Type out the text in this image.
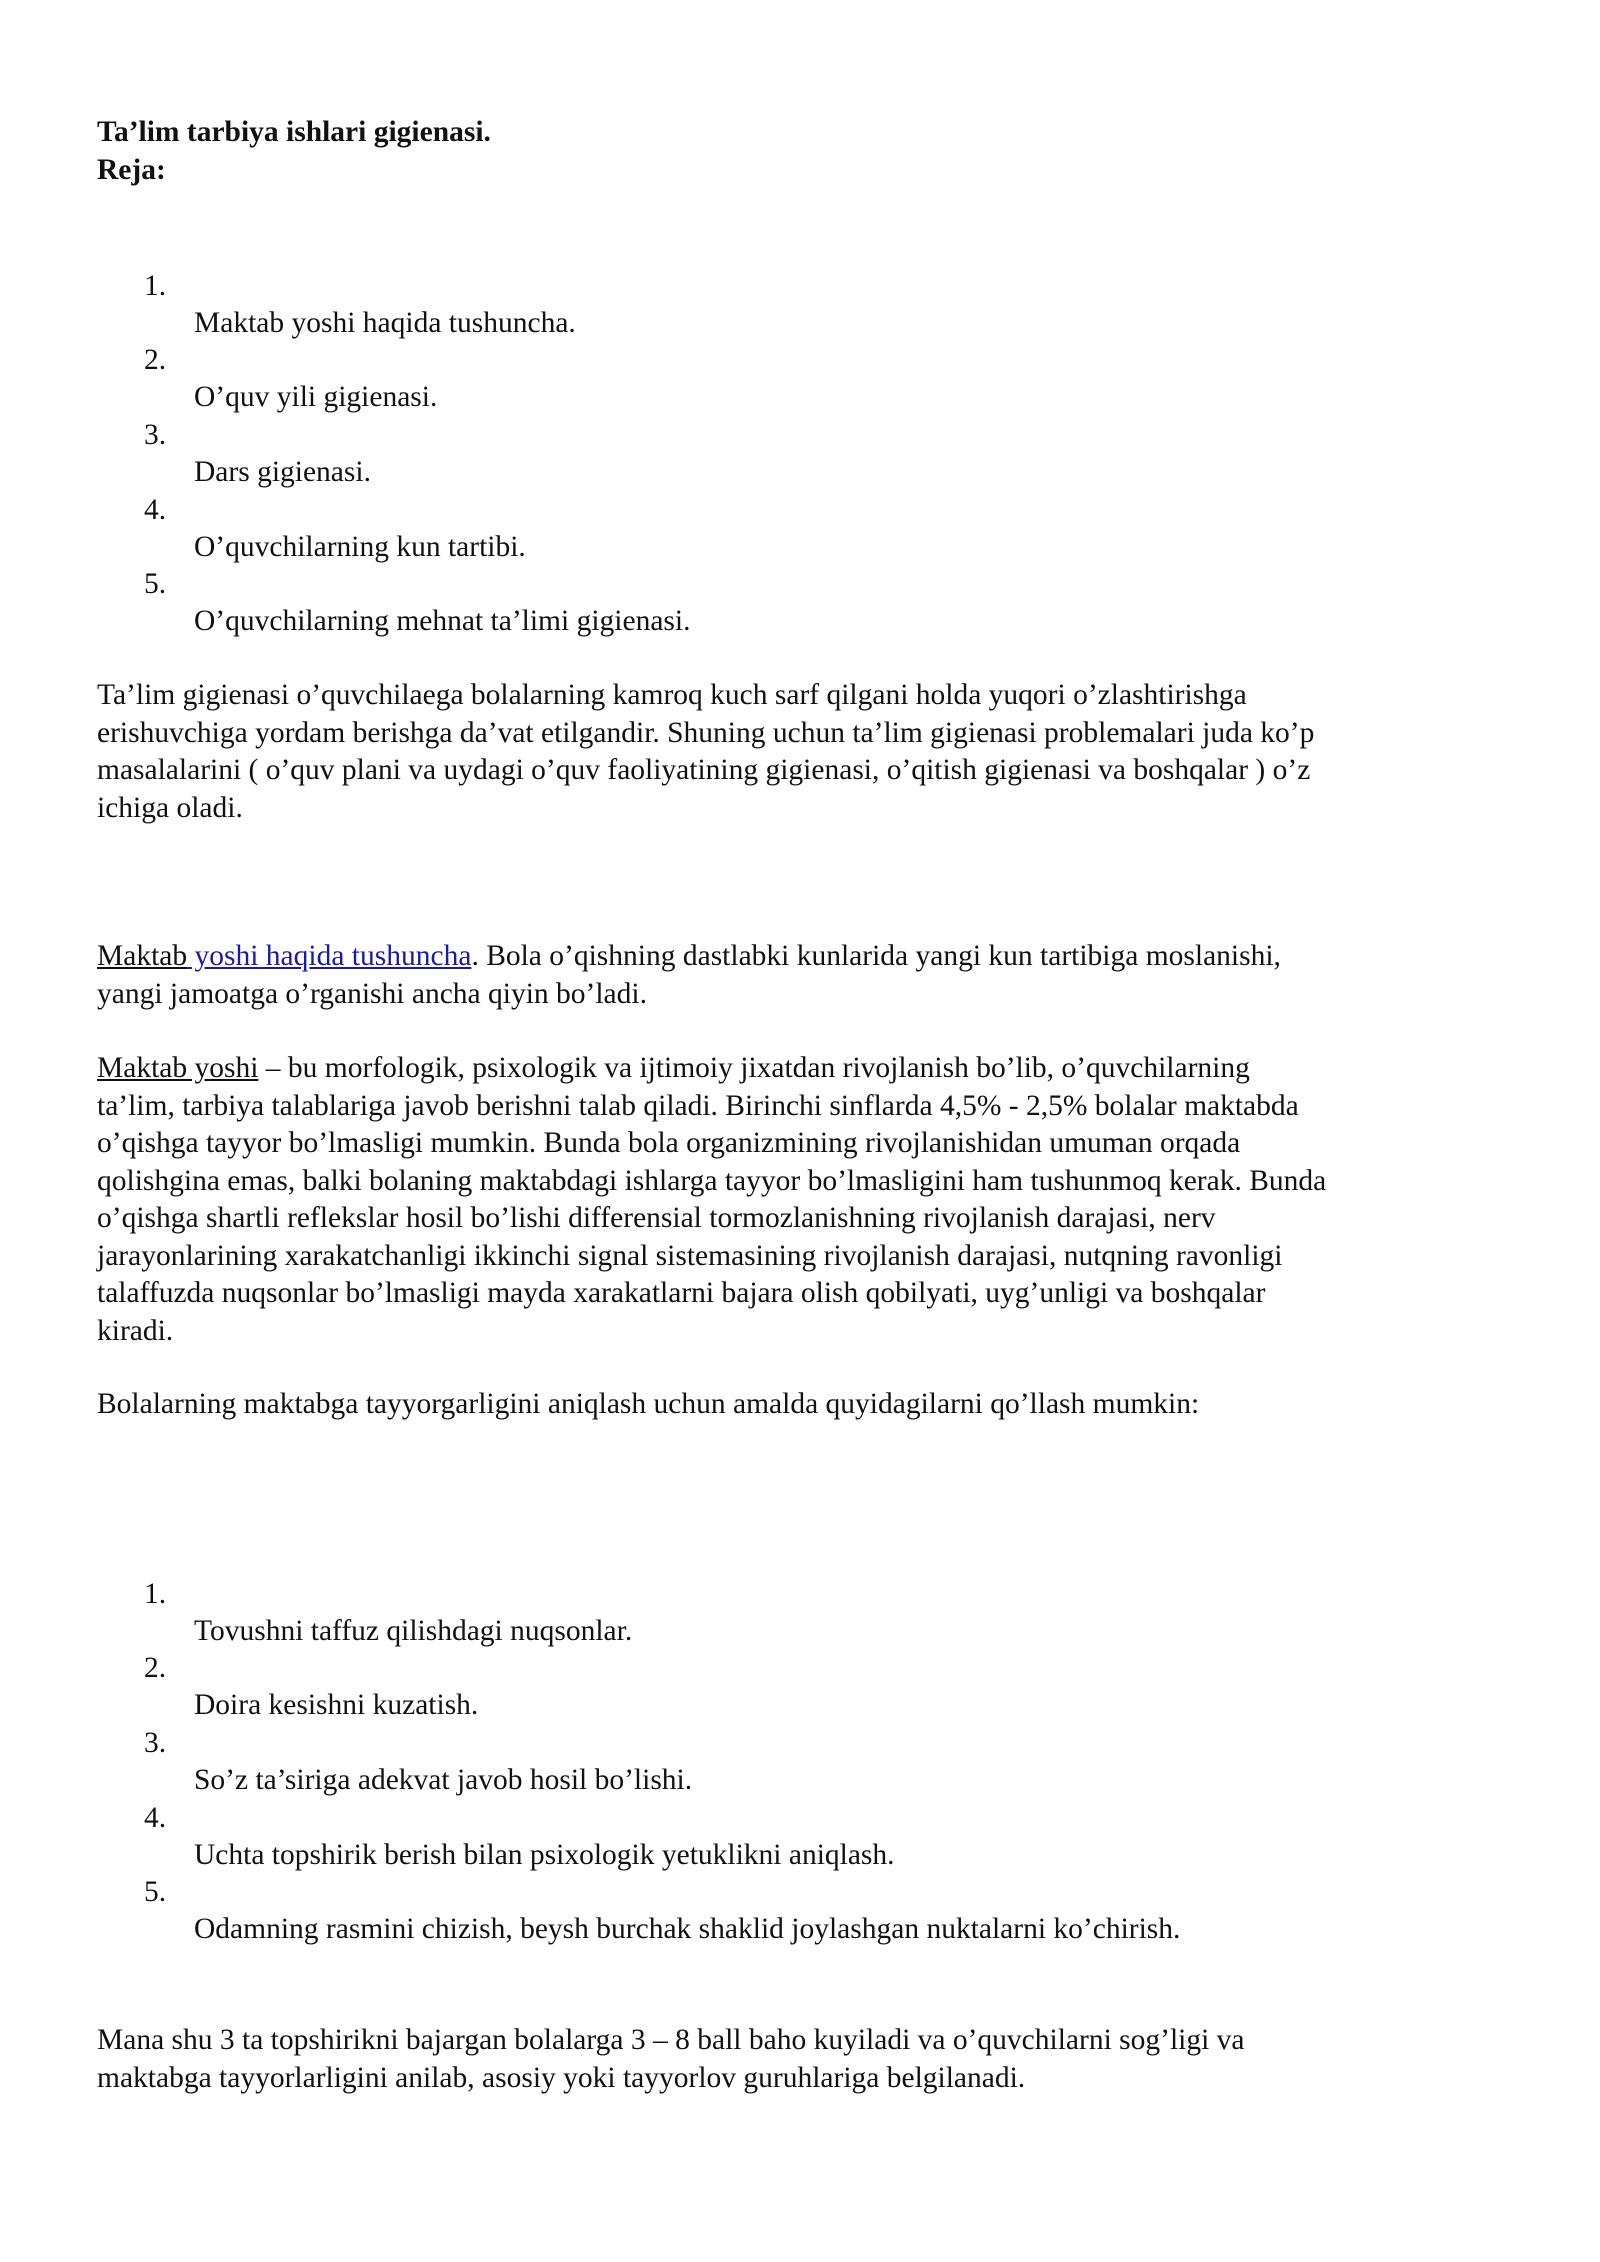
Ta’lim tarbiya ishlari gigienasi.
Reja:
1.
Maktab yoshi haqida tushuncha.
2.
O’quv yili gigienasi.
3.
Dars gigienasi.
4.
O’quvchilarning kun tartibi.
5.
O’quvchilarning mehnat ta’limi gigienasi.
Ta’lim gigienasi o’quvchilaega bolalarning kamroq kuch sarf qilgani holda yuqori o’zlashtirishga
erishuvchiga yordam berishga da’vat etilgandir. Shuning uchun ta’lim gigienasi problemalari juda ko’p
masalalarini ( o’quv plani va uydagi o’quv faoliyatining gigienasi, o’qitish gigienasi va boshqalar ) o’z
ichiga oladi.
Maktab yoshi haqida tushuncha. Bola o’qishning dastlabki kunlarida yangi kun tartibiga moslanishi,
yangi jamoatga o’rganishi ancha qiyin bo’ladi.
Maktab yoshi – bu morfologik, psixologik va ijtimoiy jixatdan rivojlanish bo’lib, o’quvchilarning
ta’lim, tarbiya talablariga javob berishni talab qiladi. Birinchi sinflarda 4,5% - 2,5% bolalar maktabda
o’qishga tayyor bo’lmasligi mumkin. Bunda bola organizmining rivojlanishidan umuman orqada
qolishgina emas, balki bolaning maktabdagi ishlarga tayyor bo’lmasligini ham tushunmoq kerak. Bunda
o’qishga shartli reflekslar hosil bo’lishi differensial tormozlanishning rivojlanish darajasi, nerv
jarayonlarining xarakatchanligi ikkinchi signal sistemasining rivojlanish darajasi, nutqning ravonligi
talaffuzda nuqsonlar bo’lmasligi mayda xarakatlarni bajara olish qobilyati, uyg’unligi va boshqalar
kiradi.
Bolalarning maktabga tayyorgarligini aniqlash uchun amalda quyidagilarni qo’llash mumkin:
1.
Tovushni taffuz qilishdagi nuqsonlar.
2.
Doira kesishni kuzatish.
3.
So’z ta’siriga adekvat javob hosil bo’lishi.
4.
Uchta topshirik berish bilan psixologik yetuklikni aniqlash.
5.
Odamning rasmini chizish, beysh burchak shaklid joylashgan nuktalarni ko’chirish.
Mana shu 3 ta topshirikni bajargan bolalarga 3 – 8 ball baho kuyiladi va o’quvchilarni sog’ligi va
maktabga tayyorlarligini anilab, asosiy yoki tayyorlov guruhlariga belgilanadi.
